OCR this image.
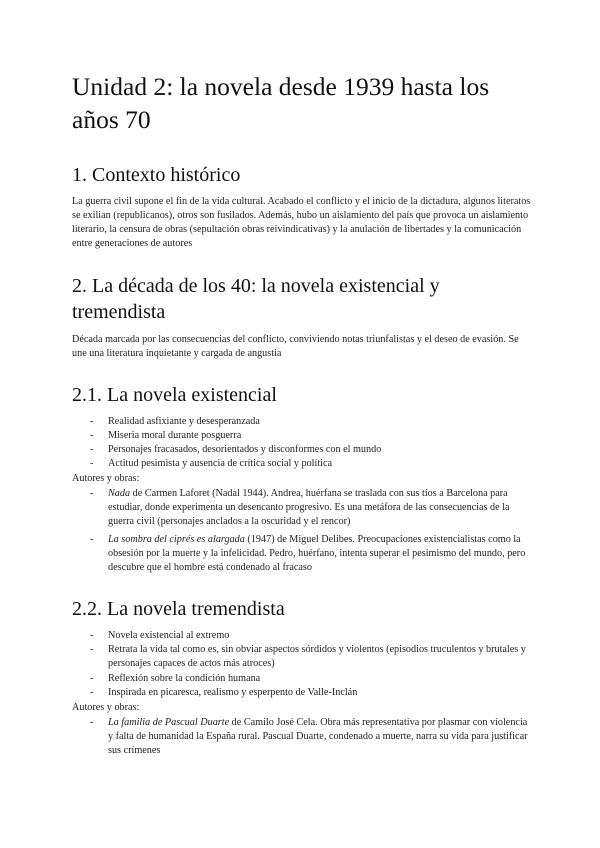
Unidad 2: la novela desde 1939 hasta los años 70
1. Contexto histórico

La guerra civil supone el fin de la vida cultural. Acabado el conflicto y el inicio de la dictadura, algunos literatos se exilian (republicanos), otros son fusilados. Además, hubo un aislamiento del país que provoca un aislamiento literario, la censura de obras (sepultación obras reivindicativas) y la anulación de libertades y la comunicación entre generaciones de autores

2. La década de los 40: la novela existencial y tremendista

Década marcada por las consecuencias del conflicto, conviviendo notas triunfalistas y el deseo de evasión. Se une una literatura inquietante y cargada de angustia

2.1. La novela existencial
-	Realidad asfixiante y desesperanzada
-	Miseria moral durante posguerra
-	Personajes fracasados, desorientados y disconformes con el mundo
-	Actitud pesimista y ausencia de crítica social y política
Autores y obras:
-	Nada de Carmen Laforet (Nadal 1944). Andrea, huérfana se traslada con sus tíos a Barcelona para estudiar, donde experimenta un desencanto progresivo. Es una metáfora de las consecuencias de la guerra civil (personajes anclados a la oscuridad y el rencor)
-	La sombra del ciprés es alargada (1947) de Miguel Delibes. Preocupaciones existencialistas como la obsesión por la muerte y la infelicidad. Pedro, huérfano, intenta superar el pesimismo del mundo, pero descubre que el hombre está condenado al fracaso
2.2. La novela tremendista
-	Novela existencial al extremo
-	Retrata la vida tal como es, sin obviar aspectos sórdidos y violentos (episodios truculentos y brutales y personajes capaces de actos más atroces)
-	Reflexión sobre la condición humana
-	Inspirada en picaresca, realismo y esperpento de Valle-Inclán
Autores y obras:
-	La familia de Pascual Duarte de Camilo José Cela. Obra más representativa por plasmar con violencia y falta de humanidad la España rural. Pascual Duarte, condenado a muerte, narra su vida para justificar sus crímenes
